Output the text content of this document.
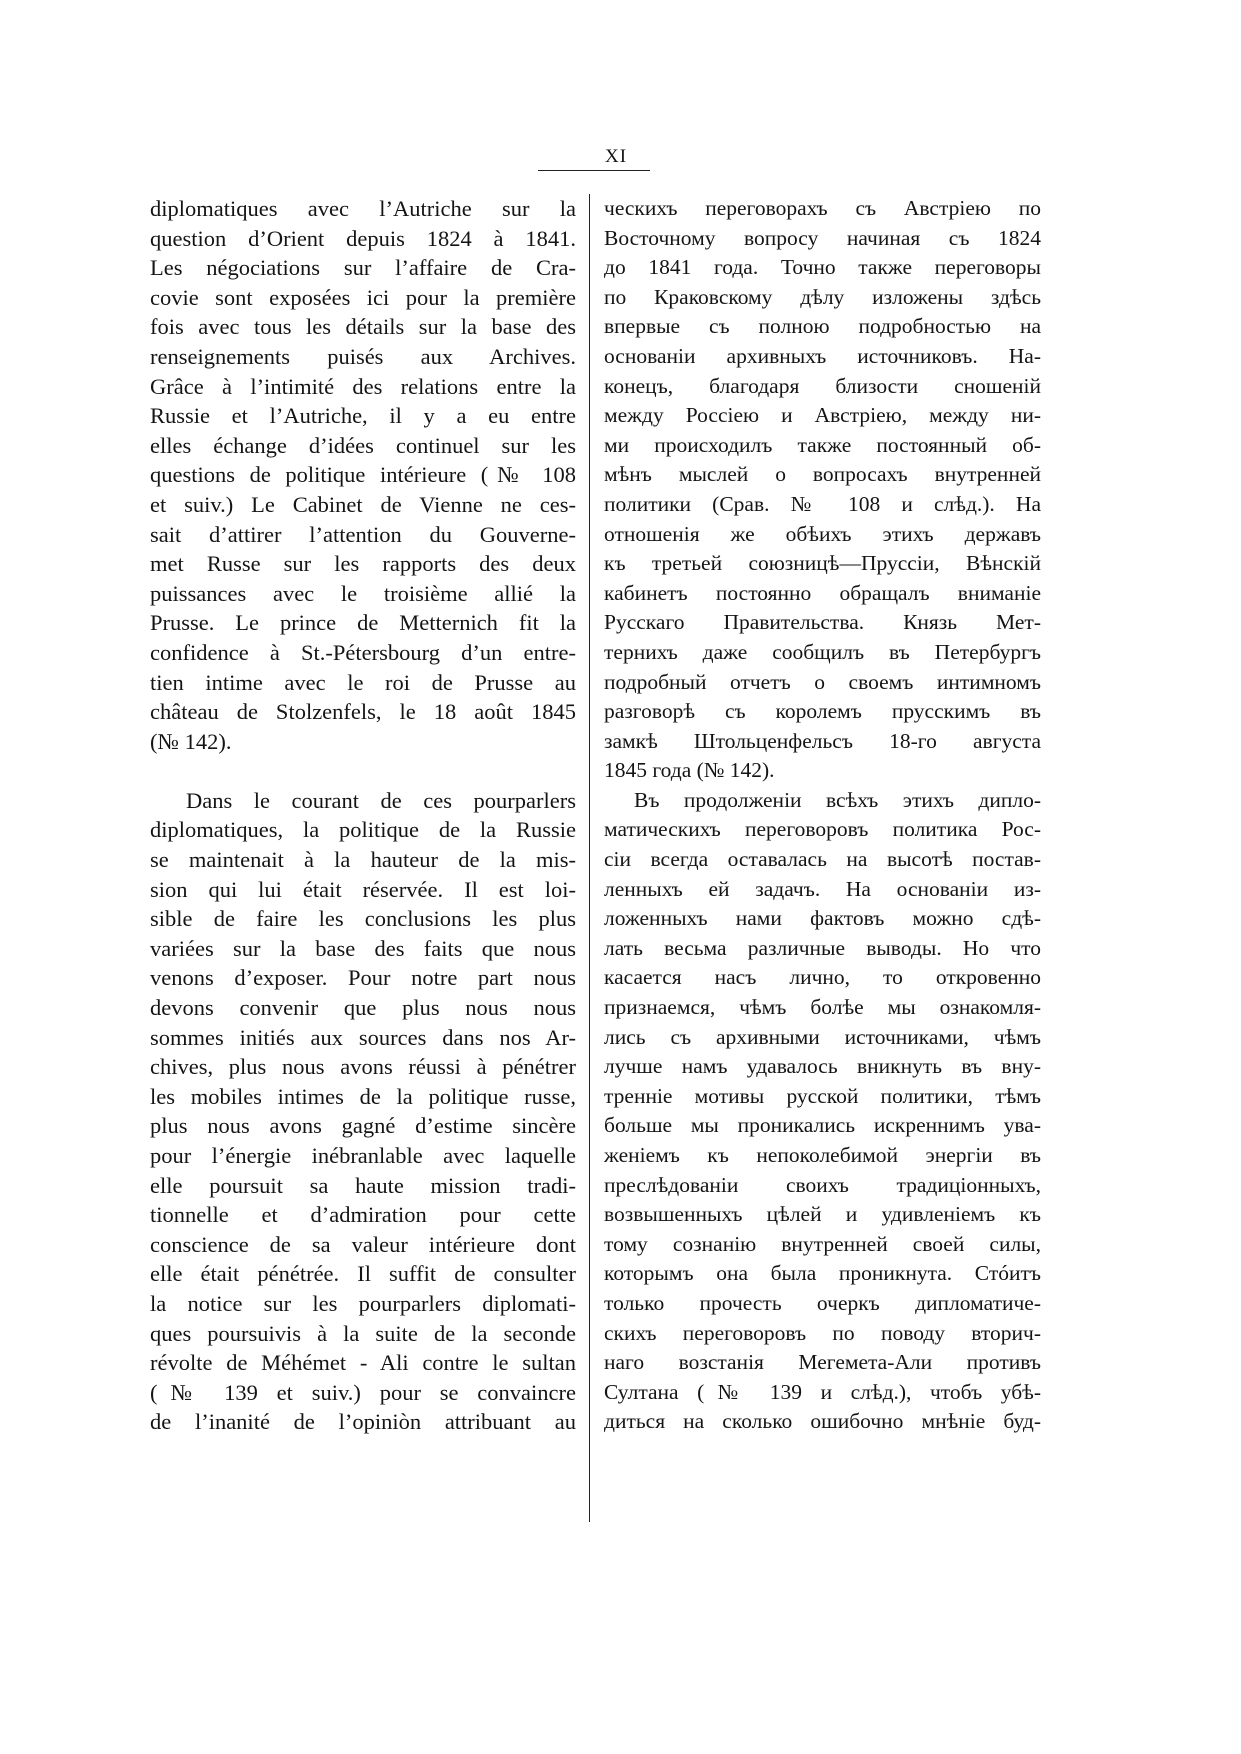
XI
diplomatiques avec l’Autriche sur la
question d’Orient depuis 1824 à 1841.
Les négociations sur l’affaire de Cra-
covie sont exposées ici pour la première
fois avec tous les détails sur la base des
renseignements puisés aux Archives.
Grâce à l’intimité des relations entre la
Russie et l’Autriche, il y a eu entre
elles échange d’idées continuel sur les
questions de politique intérieure (№ 108
et suiv.) Le Cabinet de Vienne ne ces-
sait d’attirer l’attention du Gouverne-
met Russe sur les rapports des deux
puissances avec le troisième allié la
Prusse. Le prince de Metternich fit la
confidence à St.-Pétersbourg d’un entre-
tien intime avec le roi de Prusse au
château de Stolzenfels, le 18 août 1845
(№ 142).
Dans le courant de ces pourparlers
diplomatiques, la politique de la Russie
se maintenait à la hauteur de la mis-
sion qui lui était réservée. Il est loi-
sible de faire les conclusions les plus
variées sur la base des faits que nous
venons d’exposer. Pour notre part nous
devons convenir que plus nous nous
sommes initiés aux sources dans nos Ar-
chives, plus nous avons réussi à pénétrer
les mobiles intimes de la politique russe,
plus nous avons gagné d’estime sincère
pour l’énergie inébranlable avec laquelle
elle poursuit sa haute mission tradi-
tionnelle et d’admiration pour cette
conscience de sa valeur intérieure dont
elle était pénétrée. Il suffit de consulter
la notice sur les pourparlers diplomati-
ques poursuivis à la suite de la seconde
révolte de Méhémet - Ali contre le sultan
(№ 139 et suiv.) pour se convaincre
de l’inanité de l’opiniòn attribuant au
ческихъ переговорахъ съ Австріею по
Восточному вопросу начиная съ 1824
до 1841 года. Точно также переговоры
по Краковскому дѣлу изложены здѣсь
впервые съ полною подробностью на
основаніи архивныхъ источниковъ. На-
конецъ, благодаря близости сношеній
между Россіею и Австріею, между ни-
ми происходилъ также постоянный об-
мѣнъ мыслей о вопросахъ внутренней
политики (Срав. № 108 и слѣд.). На
отношенія же обѣихъ этихъ державъ
къ третьей союзницѣ—Пруссіи, Вѣнскій
кабинетъ постоянно обращалъ вниманіе
Русскаго Правительства. Князь Мет-
тернихъ даже сообщилъ въ Петербургъ
подробный отчетъ о своемъ интимномъ
разговорѣ съ королемъ прусскимъ въ
замкѣ Штольценфельсъ 18-го августа
1845 года (№ 142).
Въ продолженіи всѣхъ этихъ дипло-
матическихъ переговоровъ политика Рос-
сіи всегда оставалась на высотѣ постав-
ленныхъ ей задачъ. На основаніи из-
ложенныхъ нами фактовъ можно сдѣ-
лать весьма различные выводы. Но что
касается насъ лично, то откровенно
признаемся, чѣмъ болѣе мы ознакомля-
лись съ архивными источниками, чѣмъ
лучше намъ удавалось вникнуть въ вну-
треннiе мотивы русской политики, тѣмъ
больше мы проникались искреннимъ ува-
женіемъ къ непоколебимой энергіи въ
преслѣдованіи своихъ традиціонныхъ,
возвышенныхъ цѣлей и удивленіемъ къ
тому сознанію внутренней своей силы,
которымъ она была проникнута. Стóитъ
только прочесть очеркъ дипломатиче-
скихъ переговоровъ по поводу вторич-
наго возстанія Мегемета-Али противъ
Султана (№ 139 и слѣд.), чтобъ убѣ-
диться на сколько ошибочно мнѣніе буд-
